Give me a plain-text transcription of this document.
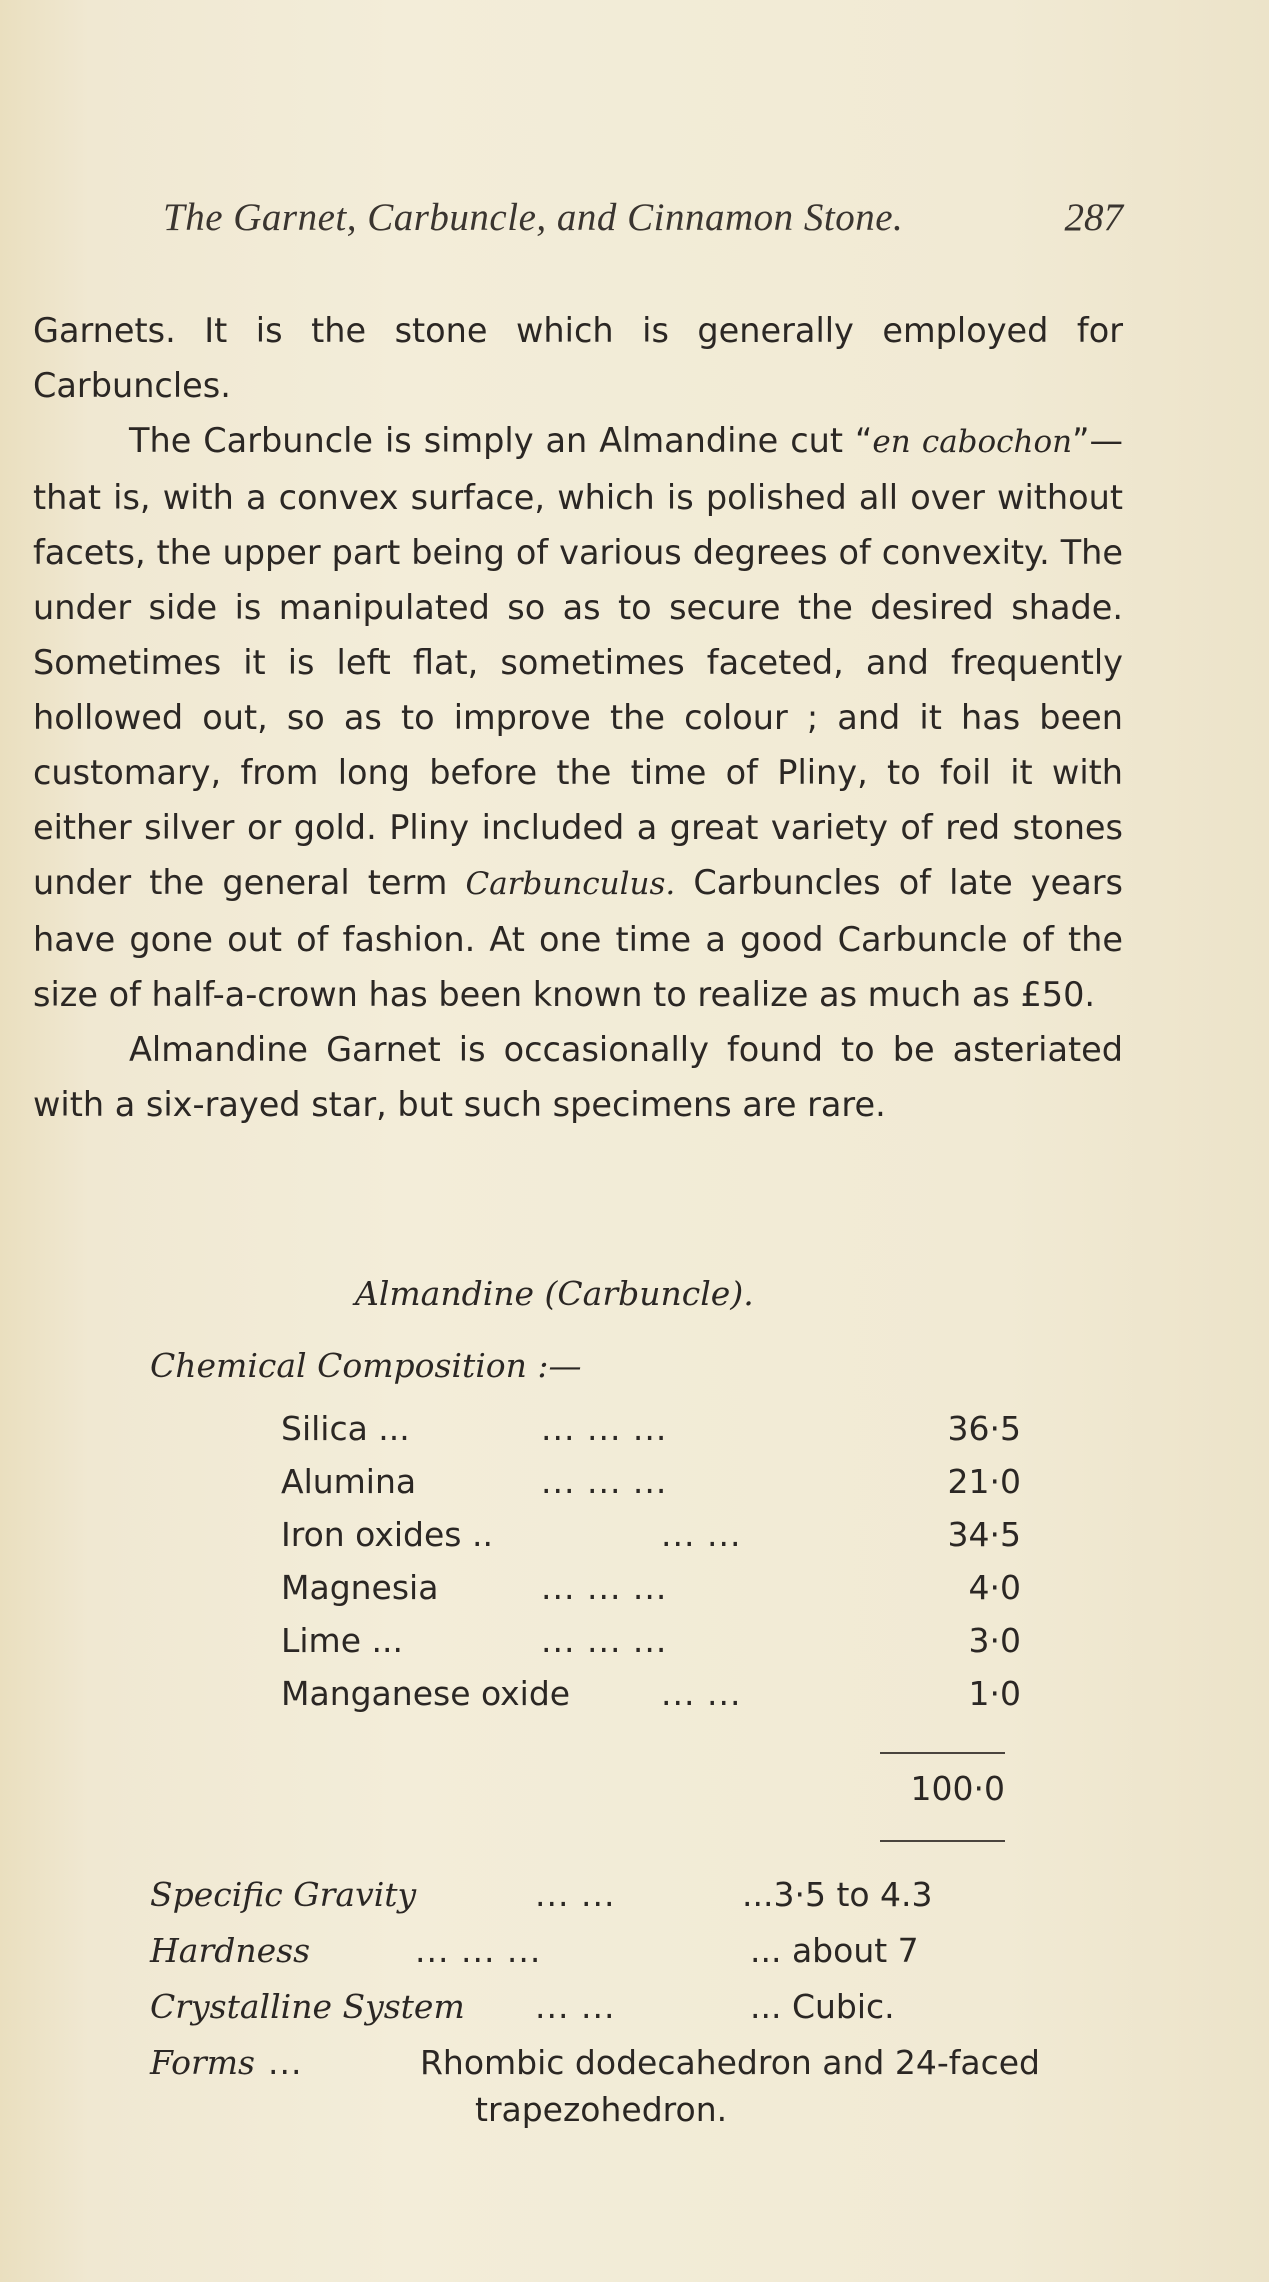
The Garnet, Carbuncle, and Cinnamon Stone.	287

Garnets. It is the stone which is generally employed for Carbuncles.

The Carbuncle is simply an Almandine cut “en cabochon”—that is, with a convex surface, which is polished all over without facets, the upper part being of various degrees of convexity. The under side is manipulated so as to secure the desired shade. Sometimes it is left flat, sometimes faceted, and frequently hollowed out, so as to improve the colour ; and it has been customary, from long before the time of Pliny, to foil it with either silver or gold. Pliny included a great variety of red stones under the general term Carbunculus. Carbuncles of late years have gone out of fashion. At one time a good Carbuncle of the size of half-a-crown has been known to realize as much as £50.

Almandine Garnet is occasionally found to be asteriated with a six-rayed star, but such specimens are rare.

Almandine (Carbuncle).
Chemical Composition :—
Silica ...	... ... ...	36·5
Alumina	... ... ...	21·0
Iron oxides ..	... ...	34·5
Magnesia	... ... ...	4·0
Lime ...	... ... ...	3·0
Manganese oxide	... ...	1·0
100·0
Specific Gravity	... ...	...3·5 to 4.3
Hardness	... ... ...	... about 7
Crystalline System ... ...	... Cubic.
Forms ...	Rhombic dodecahedron and 24-faced
trapezohedron.
